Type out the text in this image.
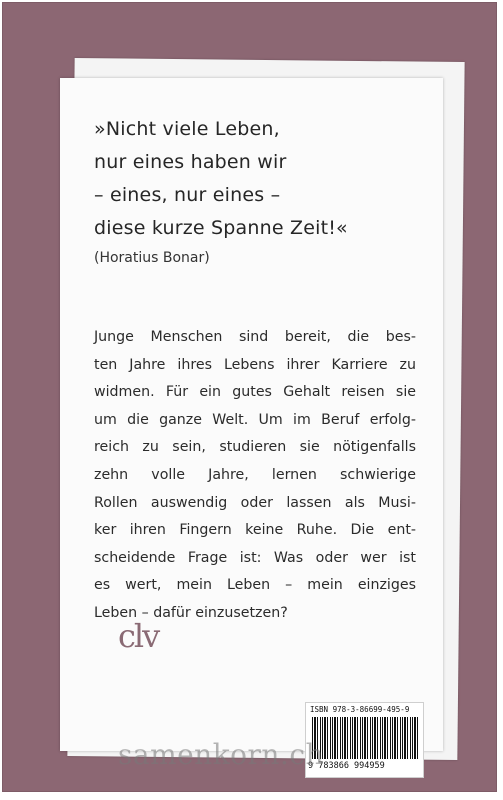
»Nicht viele Leben,
nur eines haben wir
– eines, nur eines –
diese kurze Spanne Zeit!«
(Horatius Bonar)
Junge Menschen sind bereit, die bes-
ten Jahre ihres Lebens ihrer Karriere zu
widmen. Für ein gutes Gehalt reisen sie
um die ganze Welt. Um im Beruf erfolg-
reich zu sein, studieren sie nötigenfalls
zehn volle Jahre, lernen schwierige
Rollen auswendig oder lassen als Musi-
ker ihren Fingern keine Ruhe. Die ent-
scheidende Frage ist: Was oder wer ist
es wert, mein Leben – mein einziges
Leben – dafür einzusetzen?
clv
ISBN 978-3-86699-495-9
9 783866 994959
samenkorn.ch
